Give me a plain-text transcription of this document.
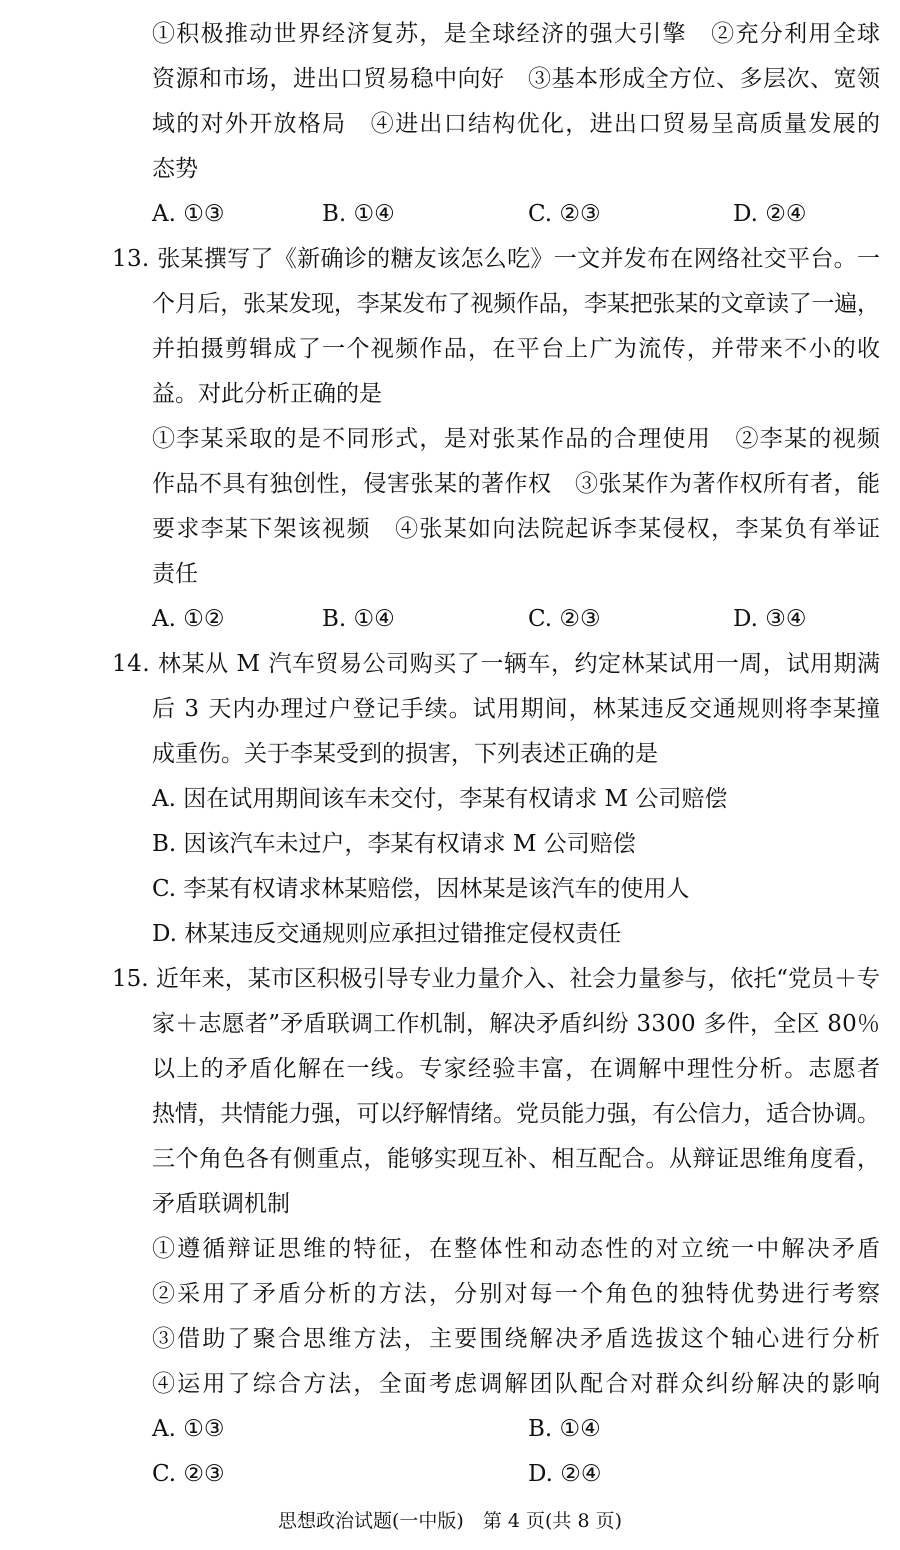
①积极推动世界经济复苏，是全球经济的强大引擎　②充分利用全球
资源和市场，进出口贸易稳中向好　③基本形成全方位、多层次、宽领
域的对外开放格局　④进出口结构优化，进出口贸易呈高质量发展的
态势
A. ①③	B. ①④	C. ②③	D. ②④
13. 张某撰写了《新确诊的糖友该怎么吃》一文并发布在网络社交平台。一
个月后，张某发现，李某发布了视频作品，李某把张某的文章读了一遍，
并拍摄剪辑成了一个视频作品，在平台上广为流传，并带来不小的收
益。对此分析正确的是
①李某采取的是不同形式，是对张某作品的合理使用　②李某的视频
作品不具有独创性，侵害张某的著作权　③张某作为著作权所有者，能
要求李某下架该视频　④张某如向法院起诉李某侵权，李某负有举证
责任
A. ①②	B. ①④	C. ②③	D. ③④
14. 林某从 M 汽车贸易公司购买了一辆车，约定林某试用一周，试用期满
后 3 天内办理过户登记手续。试用期间，林某违反交通规则将李某撞
成重伤。关于李某受到的损害，下列表述正确的是
A. 因在试用期间该车未交付，李某有权请求 M 公司赔偿
B. 因该汽车未过户，李某有权请求 M 公司赔偿
C. 李某有权请求林某赔偿，因林某是该汽车的使用人
D. 林某违反交通规则应承担过错推定侵权责任
15. 近年来，某市区积极引导专业力量介入、社会力量参与，依托“党员＋专
家＋志愿者”矛盾联调工作机制，解决矛盾纠纷 3300 多件，全区 80％
以上的矛盾化解在一线。专家经验丰富，在调解中理性分析。志愿者
热情，共情能力强，可以纾解情绪。党员能力强，有公信力，适合协调。
三个角色各有侧重点，能够实现互补、相互配合。从辩证思维角度看，
矛盾联调机制
①遵循辩证思维的特征，在整体性和动态性的对立统一中解决矛盾
②采用了矛盾分析的方法，分别对每一个角色的独特优势进行考察
③借助了聚合思维方法，主要围绕解决矛盾选拔这个轴心进行分析
④运用了综合方法，全面考虑调解团队配合对群众纠纷解决的影响
A. ①③	B. ①④
C. ②③	D. ②④
思想政治试题(一中版)　第 4 页(共 8 页)
